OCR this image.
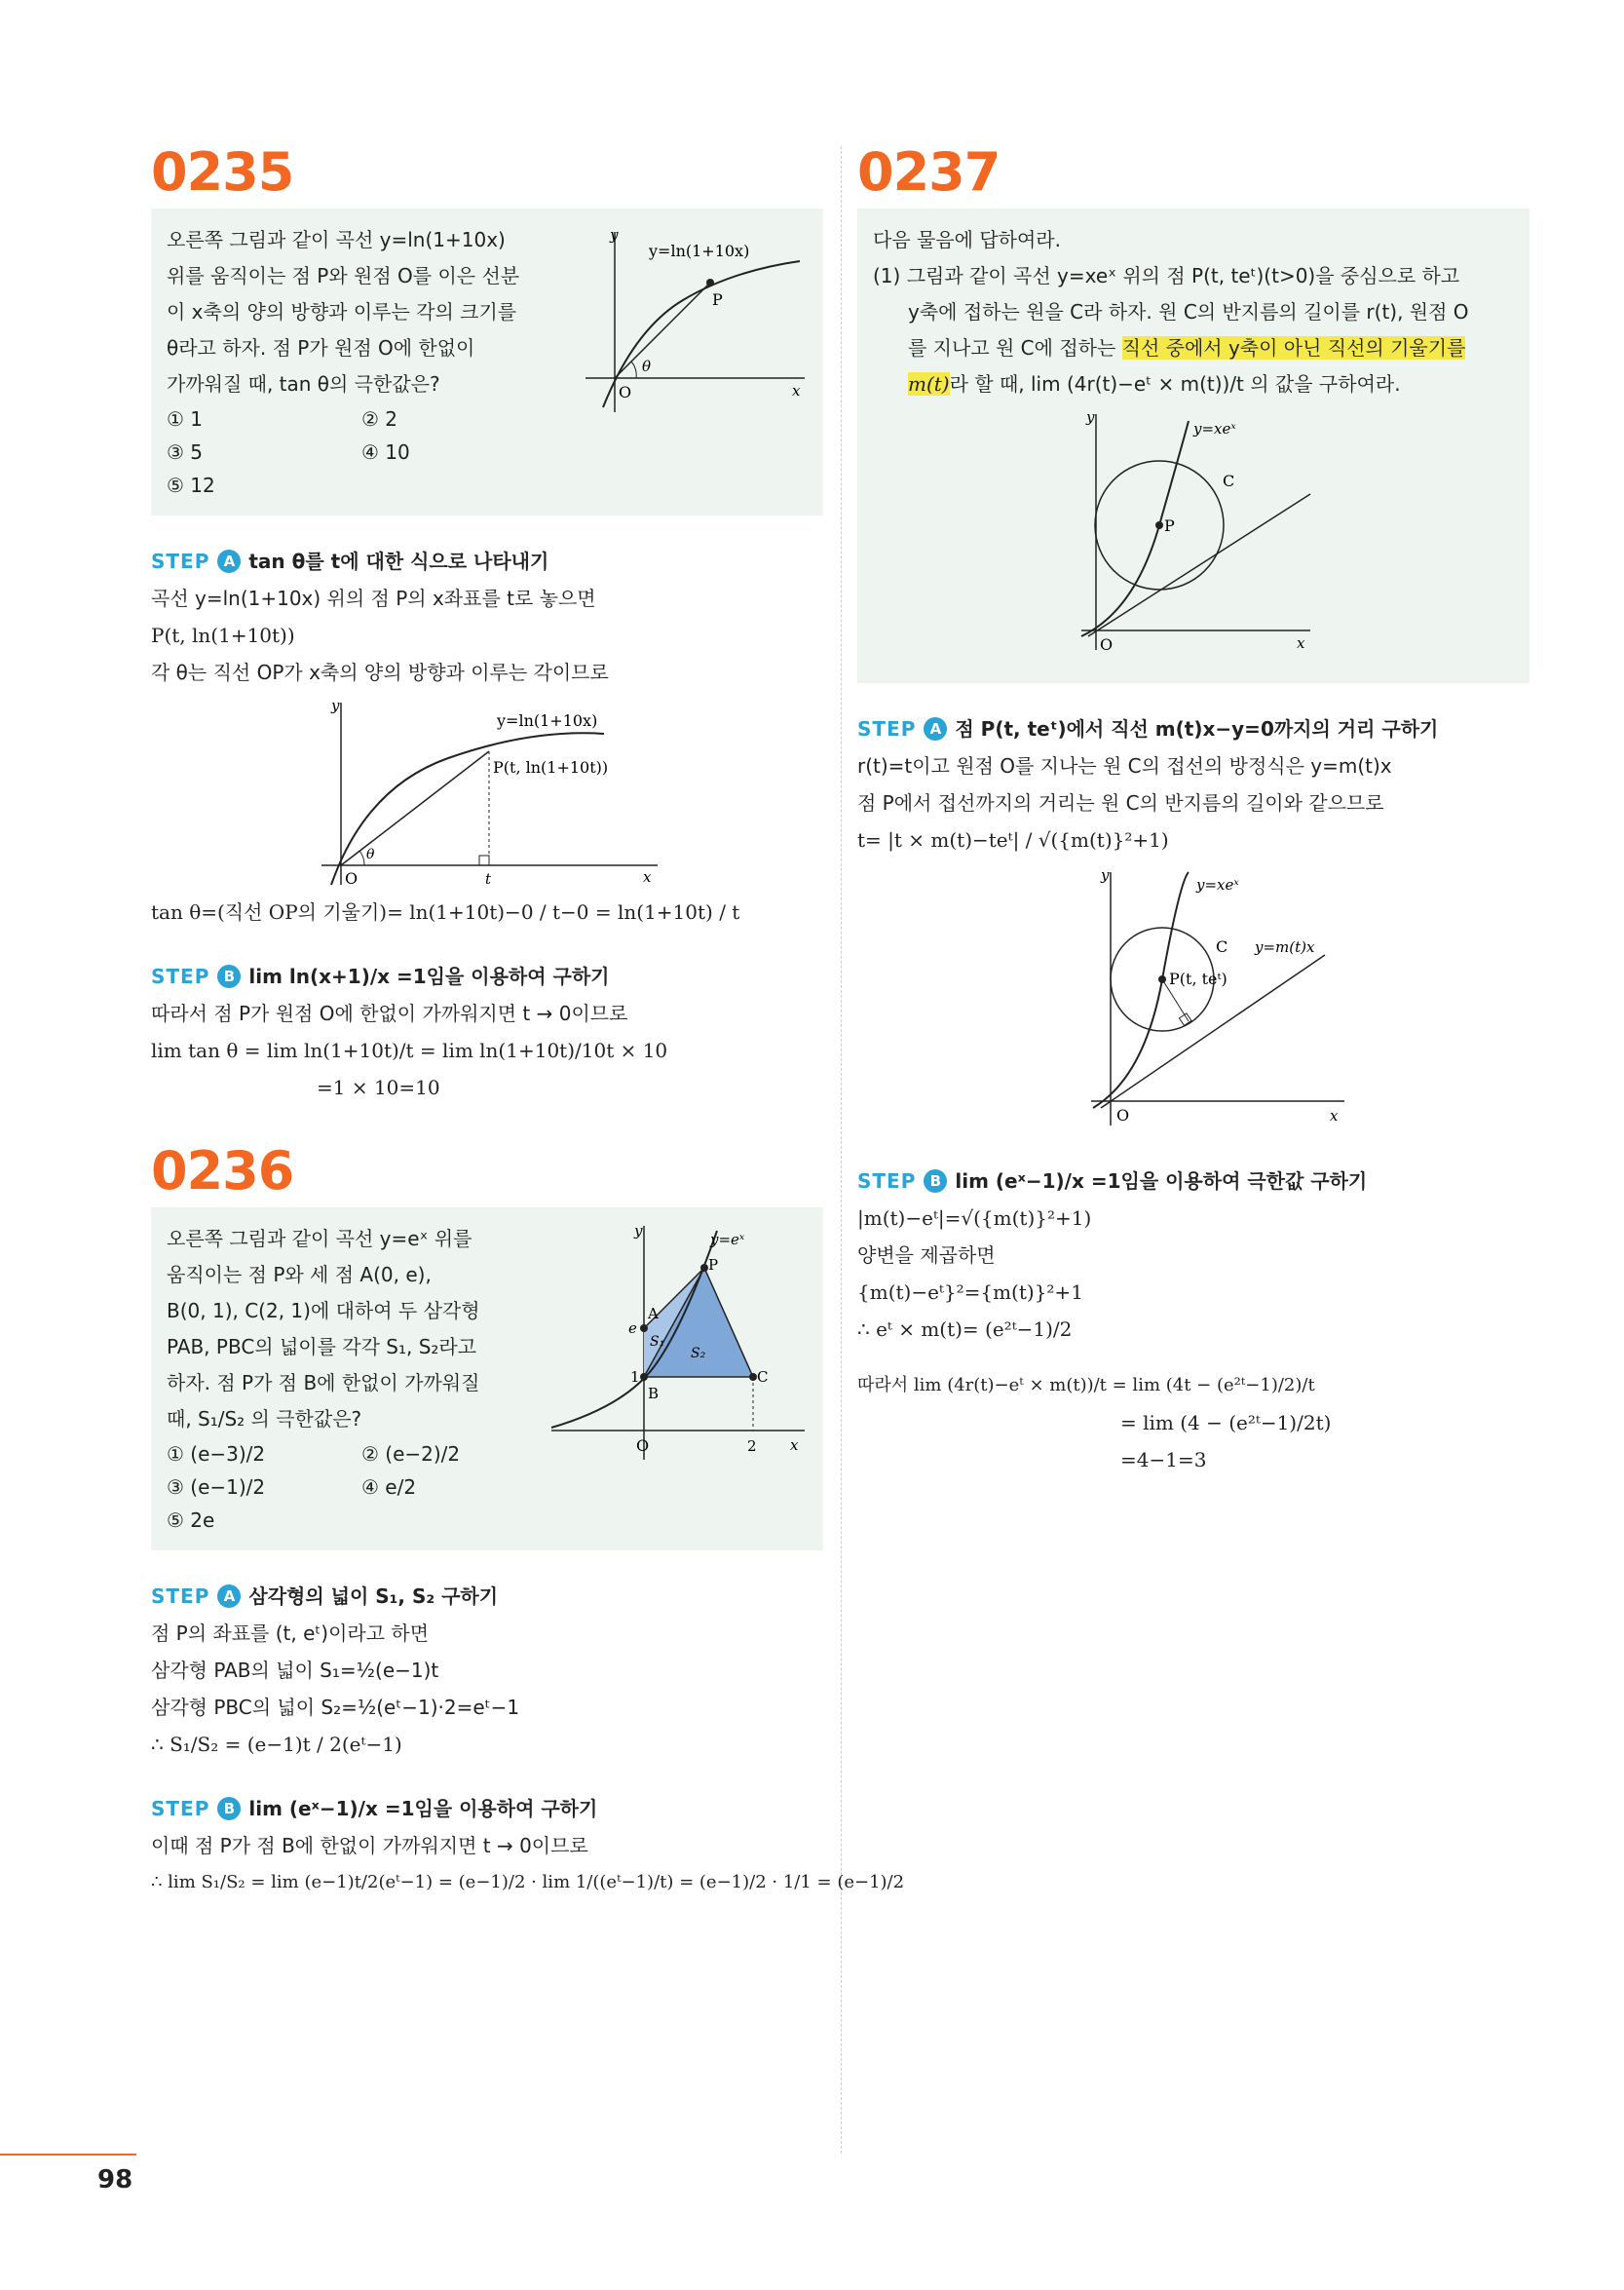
0235
오른쪽 그림과 같이 곡선 y=ln(1+10x)
위를 움직이는 점 P와 원점 O를 이은 선분
이 x축의 양의 방향과 이루는 각의 크기를
θ라고 하자. 점 P가 원점 O에 한없이
가까워질 때, tan θ의 극한값은?
① 1	② 2
③ 5	④ 10
⑤ 12
y
x
O
P
θ
y=ln(1+10x)
STEP A tan θ를 t에 대한 식으로 나타내기
곡선 y=ln(1+10x) 위의 점 P의 x좌표를 t로 놓으면
P(t, ln(1+10t))
각 θ는 직선 OP가 x축의 양의 방향과 이루는 각이므로
y
x
O	t
θ
P(t, ln(1+10t))
y=ln(1+10x)
tan θ=(직선 OP의 기울기)= ln(1+10t)−0 / t−0 = ln(1+10t) / t
STEP B lim ln(x+1)/x =1임을 이용하여 구하기
따라서 점 P가 원점 O에 한없이 가까워지면 t → 0이므로
lim tan θ = lim ln(1+10t)/t = lim ln(1+10t)/10t × 10
=1 × 10=10
0236
오른쪽 그림과 같이 곡선 y=eˣ 위를
움직이는 점 P와 세 점 A(0, e),
B(0, 1), C(2, 1)에 대하여 두 삼각형
PAB, PBC의 넓이를 각각 S₁, S₂라고
하자. 점 P가 점 B에 한없이 가까워질
때, S₁/S₂ 의 극한값은?
① (e−3)/2	② (e−2)/2
③ (e−1)/2	④ e/2
⑤ 2e
y
x
O	2
e
1
A
B
C
P
S₁
S₂
y=eˣ
STEP A 삼각형의 넓이 S₁, S₂ 구하기
점 P의 좌표를 (t, eᵗ)이라고 하면
삼각형 PAB의 넓이 S₁=½(e−1)t
삼각형 PBC의 넓이 S₂=½(eᵗ−1)·2=eᵗ−1
∴ S₁/S₂ = (e−1)t / 2(eᵗ−1)
STEP B lim (eˣ−1)/x =1임을 이용하여 구하기
이때 점 P가 점 B에 한없이 가까워지면 t → 0이므로
∴ lim S₁/S₂ = lim (e−1)t/2(eᵗ−1) = (e−1)/2 · lim 1/((eᵗ−1)/t) = (e−1)/2 · 1/1 = (e−1)/2
0237
다음 물음에 답하여라.
(1) 그림과 같이 곡선 y=xeˣ 위의 점 P(t, teᵗ)(t>0)을 중심으로 하고
y축에 접하는 원을 C라 하자. 원 C의 반지름의 길이를 r(t), 원점 O
를 지나고 원 C에 접하는 직선 중에서 y축이 아닌 직선의 기울기를
m(t)라 할 때, lim (4r(t)−eᵗ × m(t))/t 의 값을 구하여라.
y
x
O
P
C
y=xeˣ
STEP A 점 P(t, teᵗ)에서 직선 m(t)x−y=0까지의 거리 구하기
r(t)=t이고 원점 O를 지나는 원 C의 접선의 방정식은 y=m(t)x
점 P에서 접선까지의 거리는 원 C의 반지름의 길이와 같으므로
t= |t × m(t)−teᵗ| / √({m(t)}²+1)
y
x
O
P(t, teᵗ)
C y=m(t)x
y=xeˣ
STEP B lim (eˣ−1)/x =1임을 이용하여 극한값 구하기
|m(t)−eᵗ|=√({m(t)}²+1)
양변을 제곱하면
{m(t)−eᵗ}²={m(t)}²+1
∴ eᵗ × m(t)= (e²ᵗ−1)/2
따라서 lim (4r(t)−eᵗ × m(t))/t = lim (4t − (e²ᵗ−1)/2)/t
= lim (4 − (e²ᵗ−1)/2t)
=4−1=3
98
